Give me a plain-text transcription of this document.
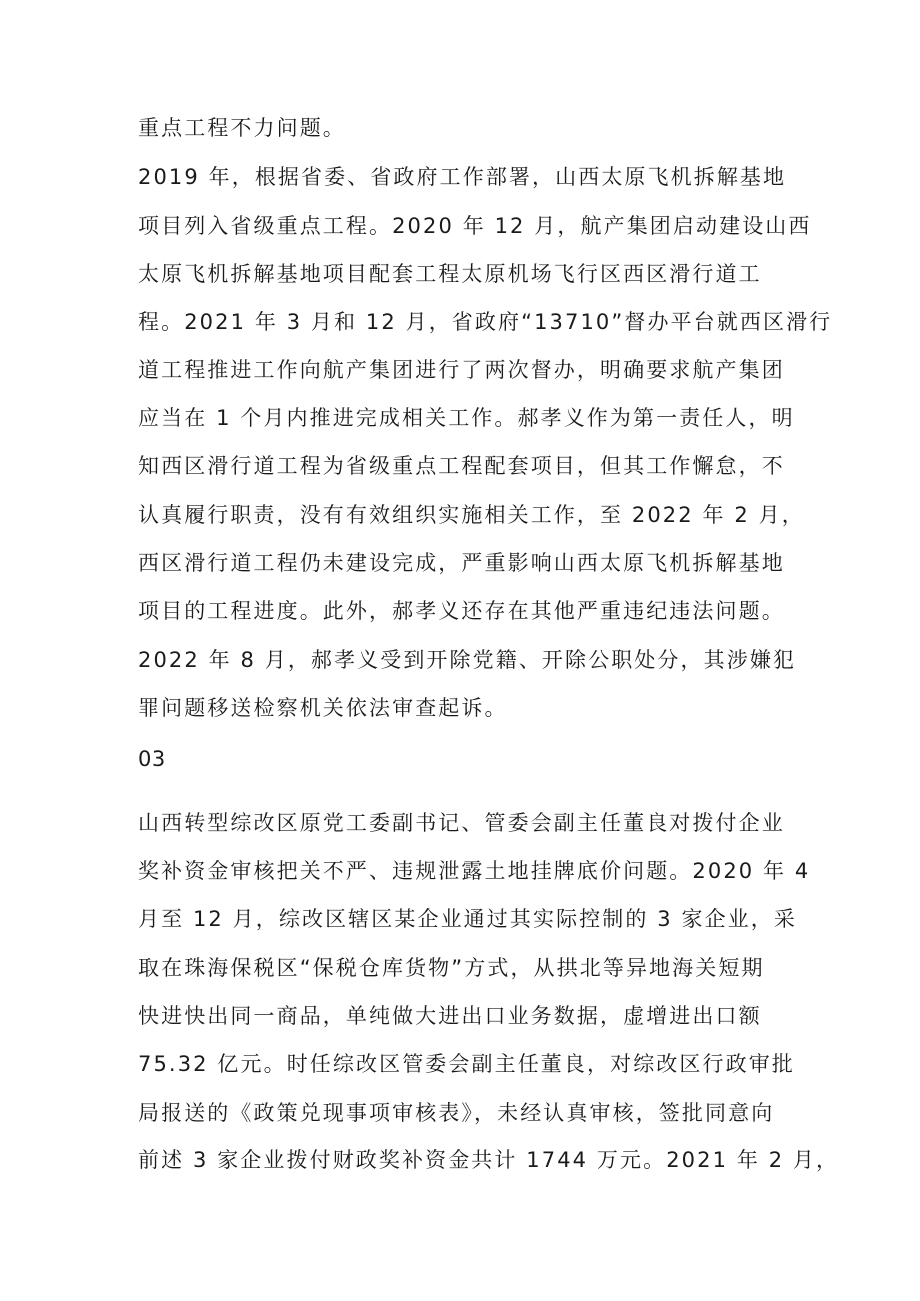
重点工程不力问题。
2019 年，根据省委、省政府工作部署，山西太原飞机拆解基地
项目列入省级重点工程。2020 年 12 月，航产集团启动建设山西
太原飞机拆解基地项目配套工程太原机场飞行区西区滑行道工
程。2021 年 3 月和 12 月，省政府“13710”督办平台就西区滑行
道工程推进工作向航产集团进行了两次督办，明确要求航产集团
应当在 1 个月内推进完成相关工作。郝孝义作为第一责任人，明
知西区滑行道工程为省级重点工程配套项目，但其工作懈怠，不
认真履行职责，没有有效组织实施相关工作，至 2022 年 2 月，
西区滑行道工程仍未建设完成，严重影响山西太原飞机拆解基地
项目的工程进度。此外，郝孝义还存在其他严重违纪违法问题。
2022 年 8 月，郝孝义受到开除党籍、开除公职处分，其涉嫌犯
罪问题移送检察机关依法审查起诉。
03
山西转型综改区原党工委副书记、管委会副主任董良对拨付企业
奖补资金审核把关不严、违规泄露土地挂牌底价问题。2020 年 4
月至 12 月，综改区辖区某企业通过其实际控制的 3 家企业，采
取在珠海保税区“保税仓库货物”方式，从拱北等异地海关短期
快进快出同一商品，单纯做大进出口业务数据，虚增进出口额
75.32 亿元。时任综改区管委会副主任董良，对综改区行政审批
局报送的《政策兑现事项审核表》，未经认真审核，签批同意向
前述 3 家企业拨付财政奖补资金共计 1744 万元。2021 年 2 月，
